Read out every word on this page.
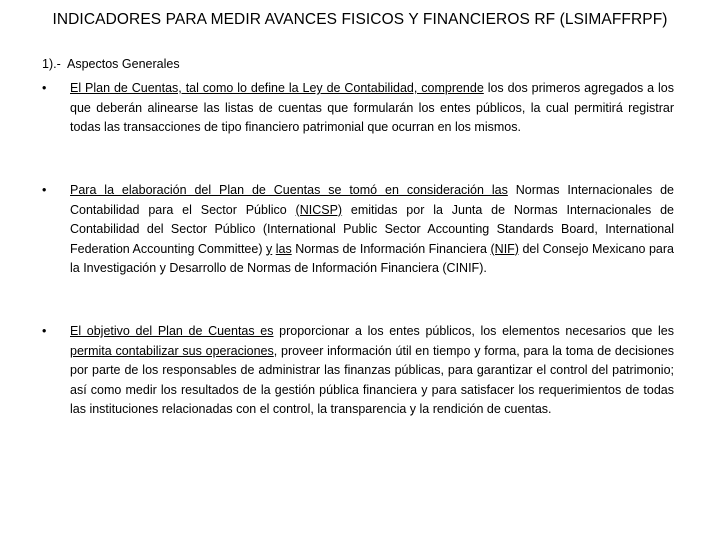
INDICADORES PARA MEDIR AVANCES FISICOS Y FINANCIEROS RF (LSIMAFFRPF)
1).-  Aspectos Generales
• El Plan de Cuentas, tal como lo define la Ley de Contabilidad, comprende los dos primeros agregados a los que deberán alinearse las listas de cuentas que formularán los entes públicos, la cual permitirá registrar todas las transacciones de tipo financiero patrimonial que ocurran en los mismos.
• Para la elaboración del Plan de Cuentas se tomó en consideración las Normas Internacionales de Contabilidad para el Sector Público (NICSP) emitidas por la Junta de Normas Internacionales de Contabilidad del Sector Público (International Public Sector Accounting Standards Board, International Federation Accounting Committee) y las Normas de Información Financiera (NIF) del Consejo Mexicano para la Investigación y Desarrollo de Normas de Información Financiera (CINIF).
• El objetivo del Plan de Cuentas es proporcionar a los entes públicos, los elementos necesarios que les permita contabilizar sus operaciones, proveer información útil en tiempo y forma, para la toma de decisiones por parte de los responsables de administrar las finanzas públicas, para garantizar el control del patrimonio; así como medir los resultados de la gestión pública financiera y para satisfacer los requerimientos de todas las instituciones relacionadas con el control, la transparencia y la rendición de cuentas.
